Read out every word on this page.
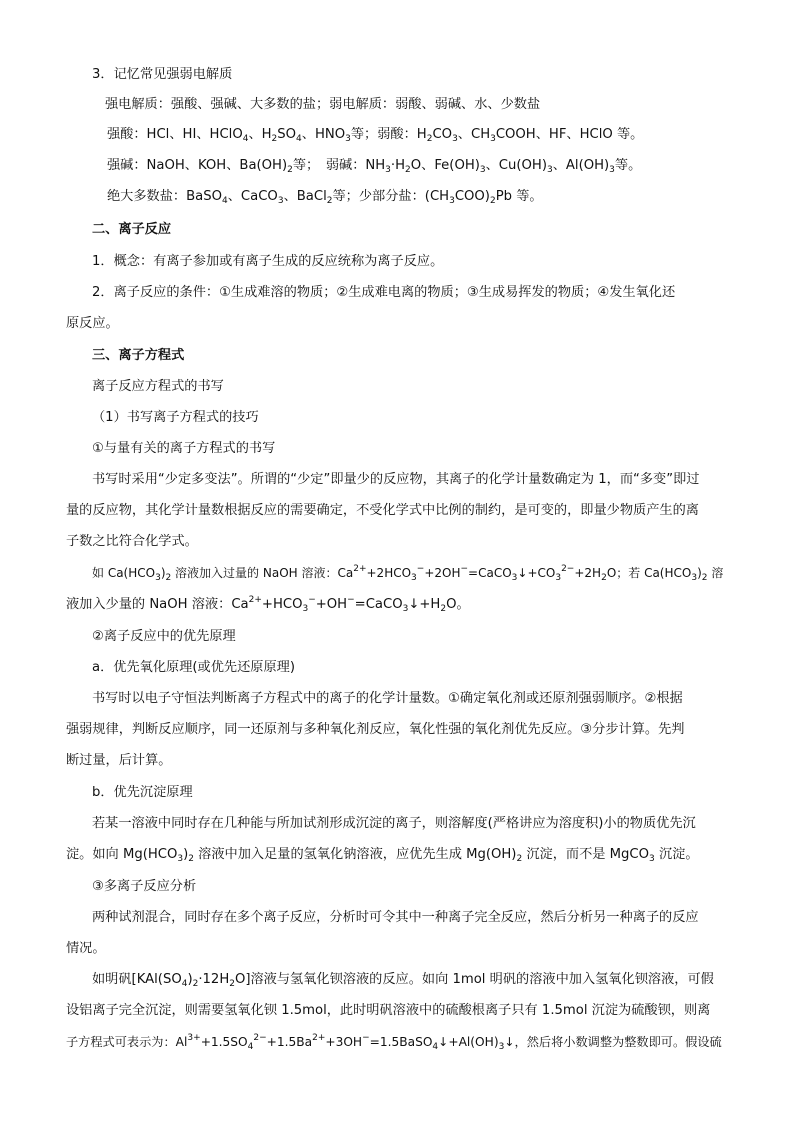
3．记忆常见强弱电解质
强电解质：强酸、强碱、大多数的盐；弱电解质：弱酸、弱碱、水、少数盐
强酸：HCl、HI、HClO$_4$、$H_2SO_4$、$HNO_3$等；弱酸：$H_2CO_3$、$CH_3COOH$、HF、HClO 等。
强碱：NaOH、KOH、$Ba(OH)_2$等；　弱碱：$NH_3\cdot H_2O$、$Fe(OH)_3$、$Cu(OH)_3$、$Al(OH)_3$等。
绝大多数盐：BaSO$_4$、CaCO$_3$、BaCl$_2$等；少部分盐：$(CH_3COO)_2Pb$ 等。
二、离子反应
1．概念：有离子参加或有离子生成的反应统称为离子反应。
2．离子反应的条件：①生成难溶的物质；②生成难电离的物质；③生成易挥发的物质；④发生氧化还
原反应。
三、离子方程式
离子反应方程式的书写
（1）书写离子方程式的技巧
①与量有关的离子方程式的书写
书写时采用“少定多变法”。所谓的“少定”即量少的反应物，其离子的化学计量数确定为 1，而“多变”即过
量的反应物，其化学计量数根据反应的需要确定，不受化学式中比例的制约，是可变的，即量少物质产生的离
子数之比符合化学式。
如 $Ca(HCO_3)_2$ 溶液加入过量的 NaOH 溶液：$Ca^{2+}+2HCO_3^-+2OH^-=CaCO_3↓+CO_3^{2-}+2H_2O$；若 $Ca(HCO_3)_2$ 溶
液加入少量的 NaOH 溶液：$Ca^{2+}+HCO_3^-+OH^-=CaCO_3↓+H_2O$。
②离子反应中的优先原理
a．优先氧化原理(或优先还原原理)
书写时以电子守恒法判断离子方程式中的离子的化学计量数。①确定氧化剂或还原剂强弱顺序。②根据
强弱规律，判断反应顺序，同一还原剂与多种氧化剂反应，氧化性强的氧化剂优先反应。③分步计算。先判
断过量，后计算。
b．优先沉淀原理
若某一溶液中同时存在几种能与所加试剂形成沉淀的离子，则溶解度(严格讲应为溶度积)小的物质优先沉
淀。如向 $Mg(HCO_3)_2$ 溶液中加入足量的氢氧化钠溶液，应优先生成 $Mg(OH)_2$ 沉淀，而不是 MgCO$_3$ 沉淀。
③多离子反应分析
两种试剂混合，同时存在多个离子反应，分析时可令其中一种离子完全反应，然后分析另一种离子的反应
情况。
如明矾$[KAl(SO_4)_2\cdot 12H_2O]$溶液与氢氧化钡溶液的反应。如向 1mol 明矾的溶液中加入氢氧化钡溶液，可假
设铝离子完全沉淀，则需要氢氧化钡 1.5mol，此时明矾溶液中的硫酸根离子只有 1.5mol 沉淀为硫酸钡，则离
子方程式可表示为：$Al^{3+}+1.5SO_4^{2-}+1.5Ba^{2+}+3OH^-=1.5BaSO_4↓+Al(OH)_3↓$，然后将小数调整为整数即可。假设硫
